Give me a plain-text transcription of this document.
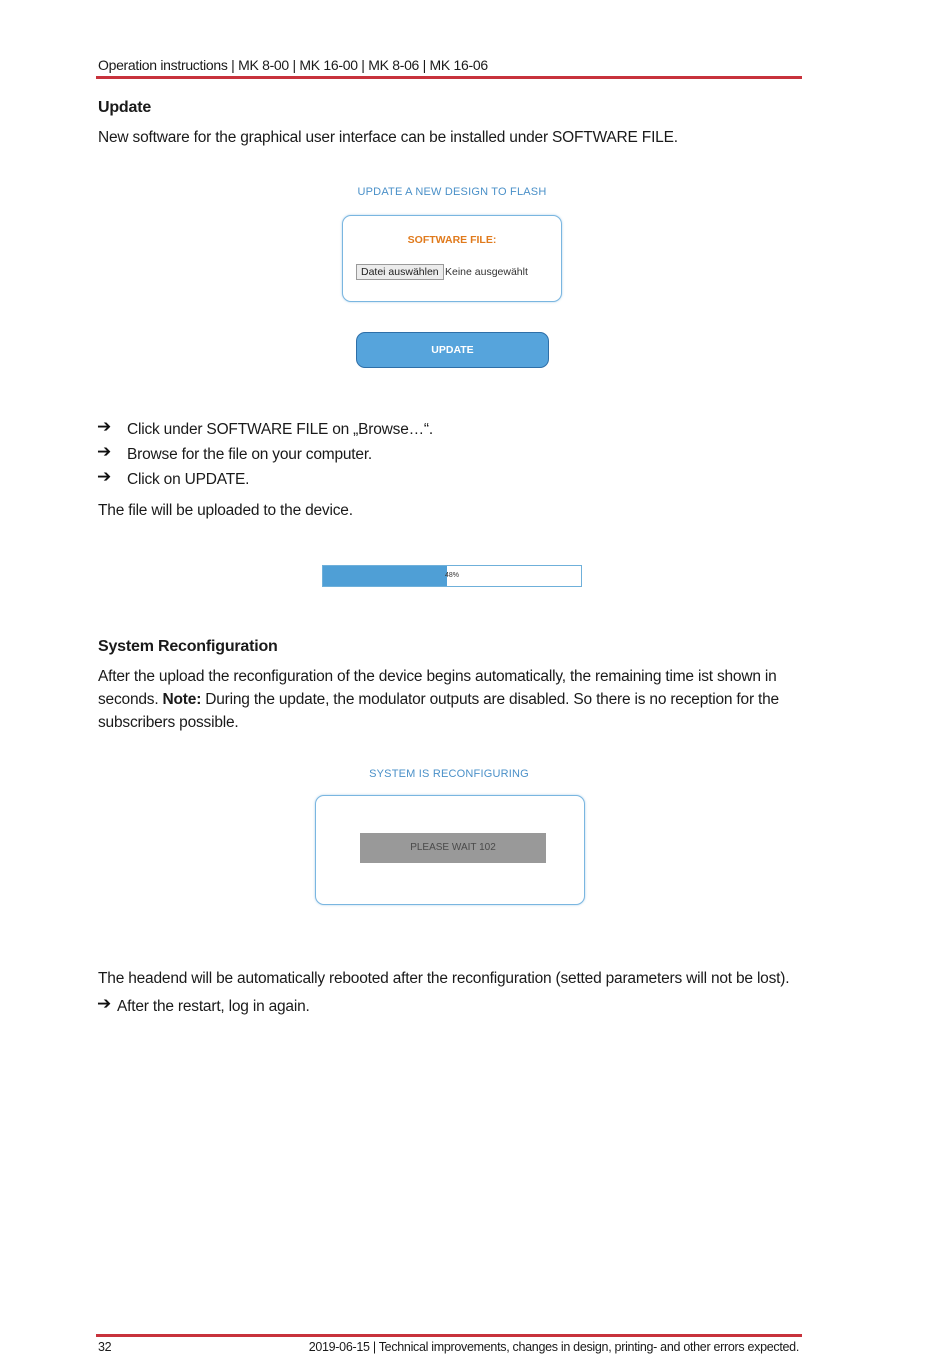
Operation instructions | MK 8-00 | MK 16-00 | MK 8-06 | MK 16-06
Update
New software for the graphical user interface can be installed under SOFTWARE FILE.
UPDATE A NEW DESIGN TO FLASH
SOFTWARE FILE:
Datei auswählen Keine ausgewählt
UPDATE
➔ Click under SOFTWARE FILE on „Browse…“.
➔ Browse for the file on your computer.
➔ Click on UPDATE.
The file will be uploaded to the device.
48%
System Reconfiguration
After the upload the reconfiguration of the device begins automatically, the remaining time ist shown in
seconds. Note: During the update, the modulator outputs are disabled. So there is no reception for the
subscribers possible.
SYSTEM IS RECONFIGURING
PLEASE WAIT 102
The headend will be automatically rebooted after the reconfiguration (setted parameters will not be lost).
➔ After the restart, log in again.
32	2019-06-15 | Technical improvements, changes in design, printing- and other errors expected.
